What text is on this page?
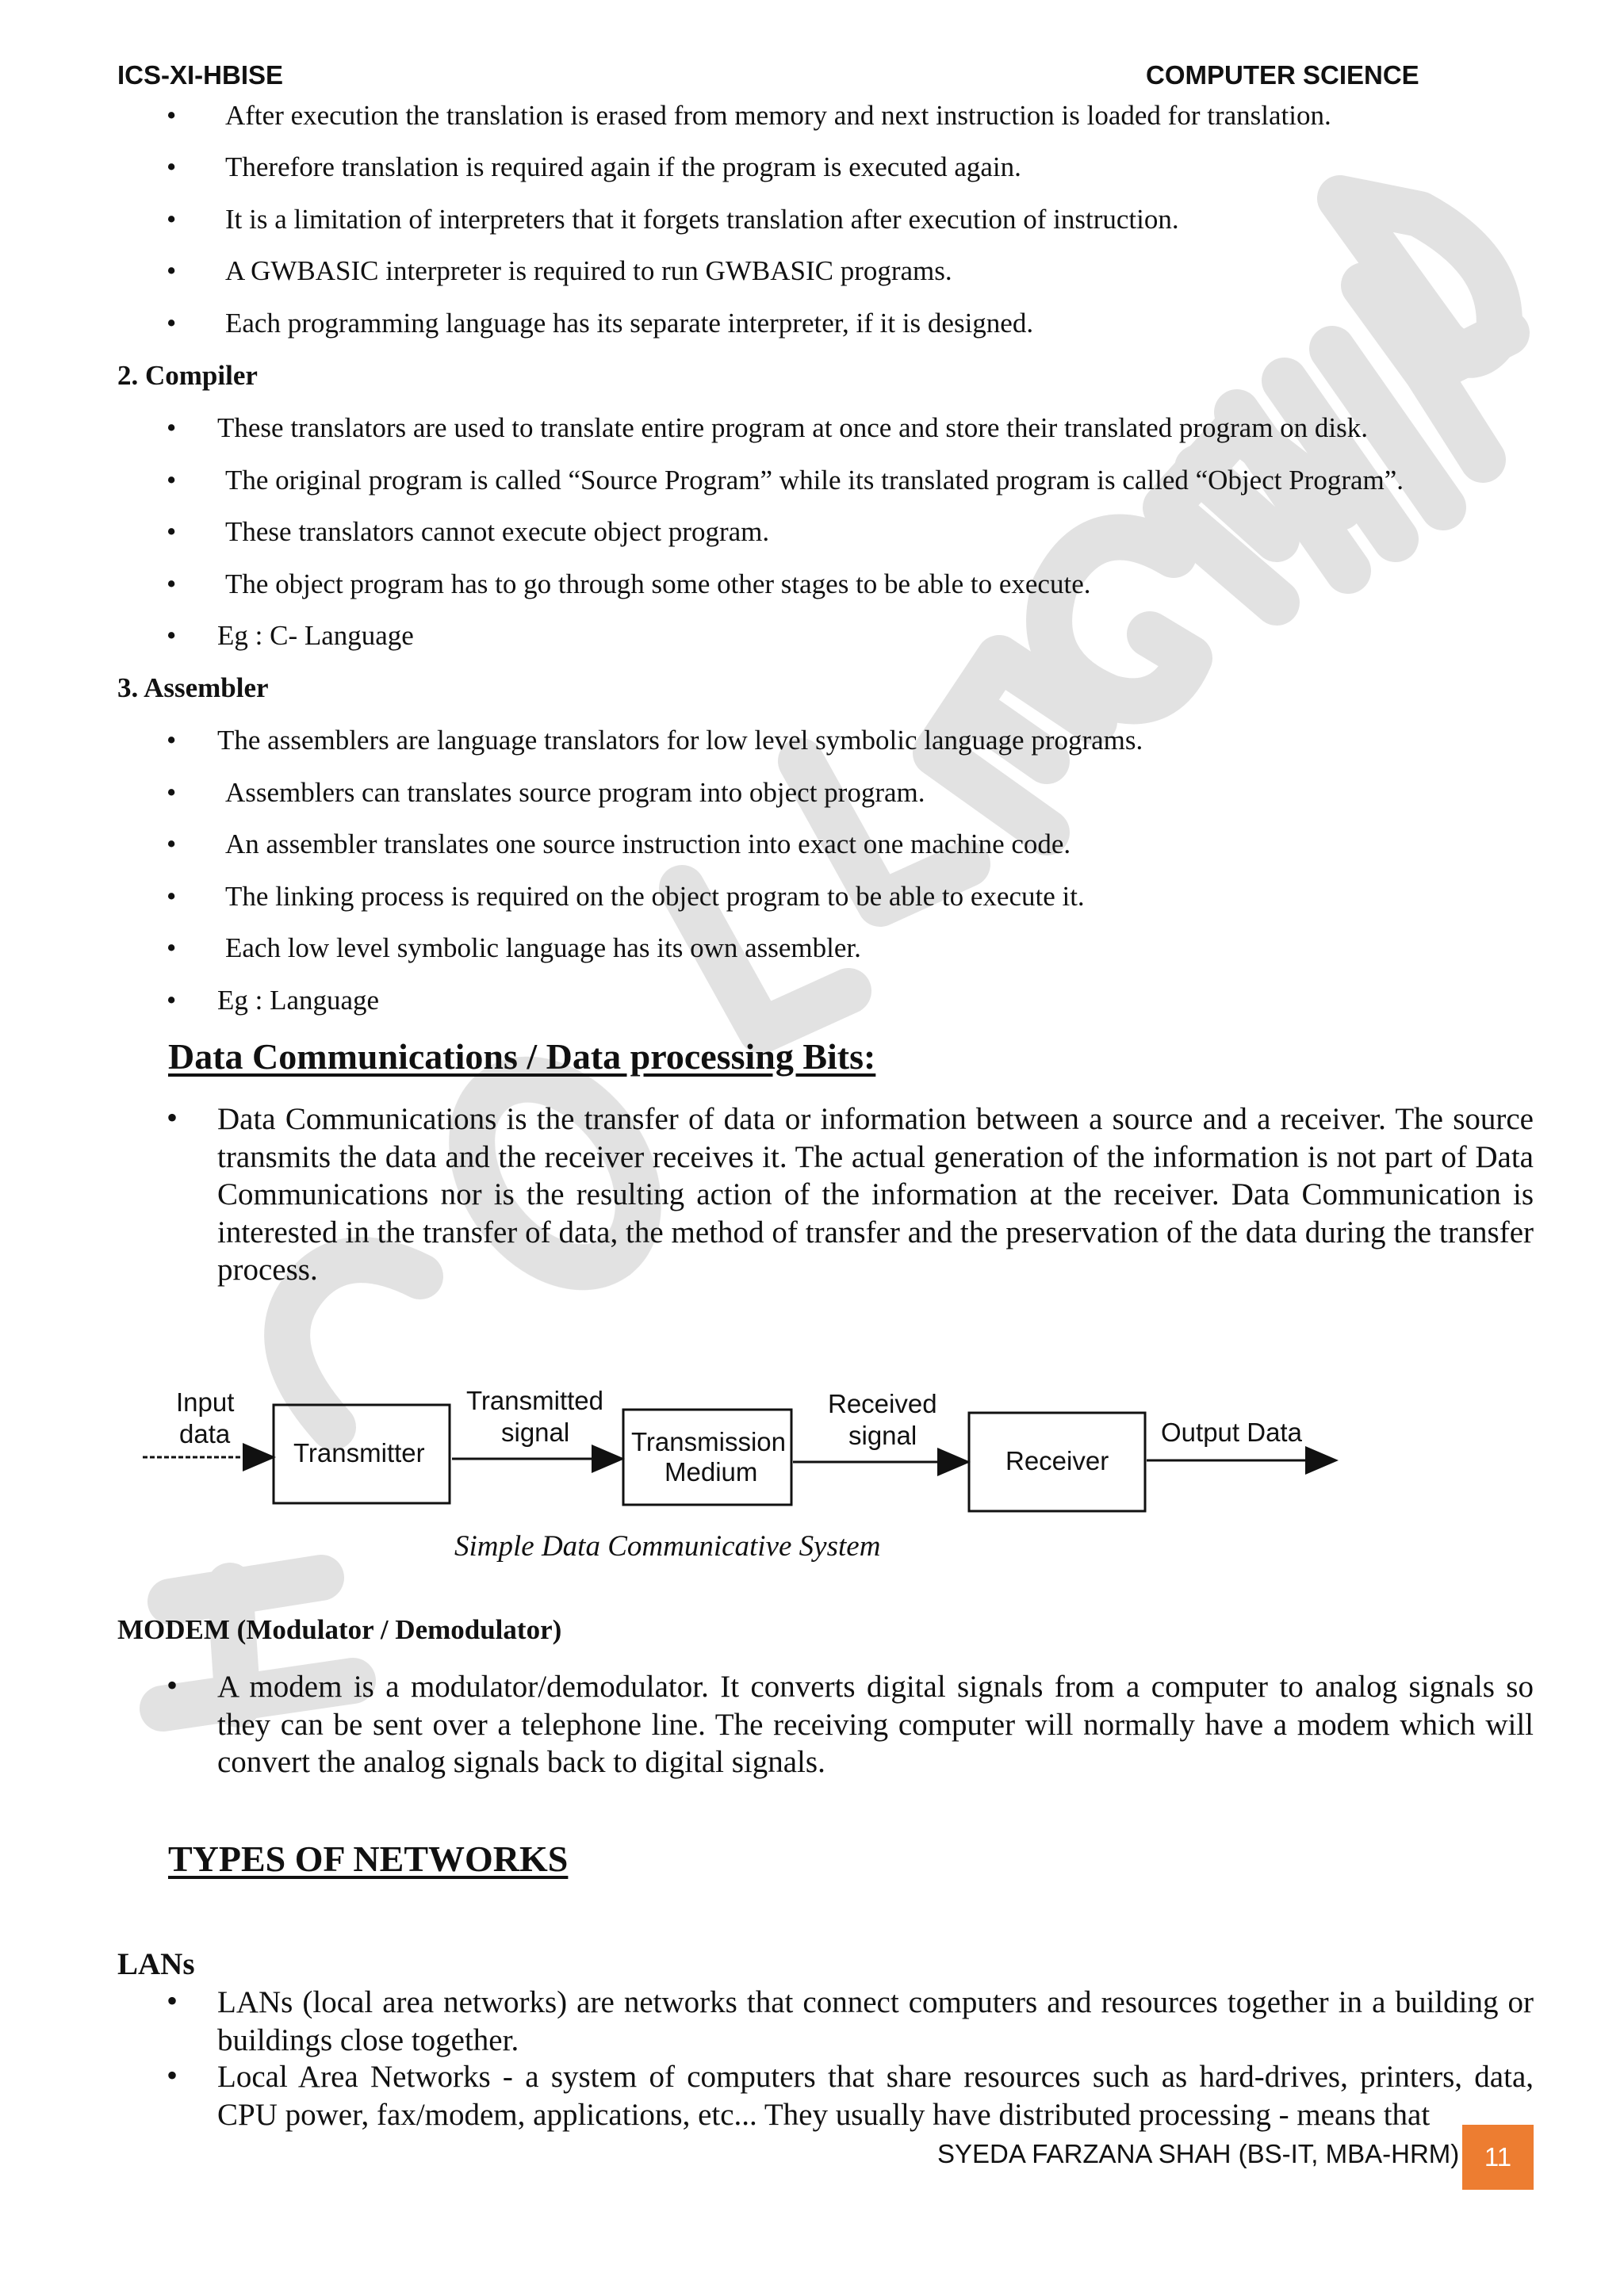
ICS-XI-HBISE	COMPUTER SCIENCE
• After execution the translation is erased from memory and next instruction is loaded for translation.
• Therefore translation is required again if the program is executed again.
• It is a limitation of interpreters that it forgets translation after execution of instruction.
• A GWBASIC interpreter is required to run GWBASIC programs.
• Each programming language has its separate interpreter, if it is designed.
2. Compiler
• These translators are used to translate entire program at once and store their translated program on disk.
• The original program is called “Source Program” while its translated program is called “Object Program”.
• These translators cannot execute object program.
• The object program has to go through some other stages to be able to execute.
• Eg : C- Language
3. Assembler
• The assemblers are language translators for low level symbolic language programs.
• Assemblers can translates source program into object program.
• An assembler translates one source instruction into exact one machine code.
• The linking process is required on the object program to be able to execute it.
• Each low level symbolic language has its own assembler.
• Eg : Language
Data Communications / Data processing Bits:
• Data Communications is the transfer of data or information between a source and a receiver. The source transmits the data and the receiver receives it. The actual generation of the information is not part of Data Communications nor is the resulting action of the information at the receiver. Data Communication is interested in the transfer of data, the method of transfer and the preservation of the data during the transfer process.
Input
data
Transmitter
Transmitted
signal Transmission
Medium
Received
signal
Receiver
Output Data
Simple Data Communicative System
MODEM (Modulator / Demodulator)
• A modem is a modulator/demodulator. It converts digital signals from a computer to analog signals so they can be sent over a telephone line. The receiving computer will normally have a modem which will convert the analog signals back to digital signals.
TYPES OF NETWORKS
LANs
• LANs (local area networks) are networks that connect computers and resources together in a building or buildings close together.
• Local Area Networks - a system of computers that share resources such as hard-drives, printers, data, CPU power, fax/modem, applications, etc... They usually have distributed processing - means that
SYEDA FARZANA SHAH (BS-IT, MBA-HRM) 11
